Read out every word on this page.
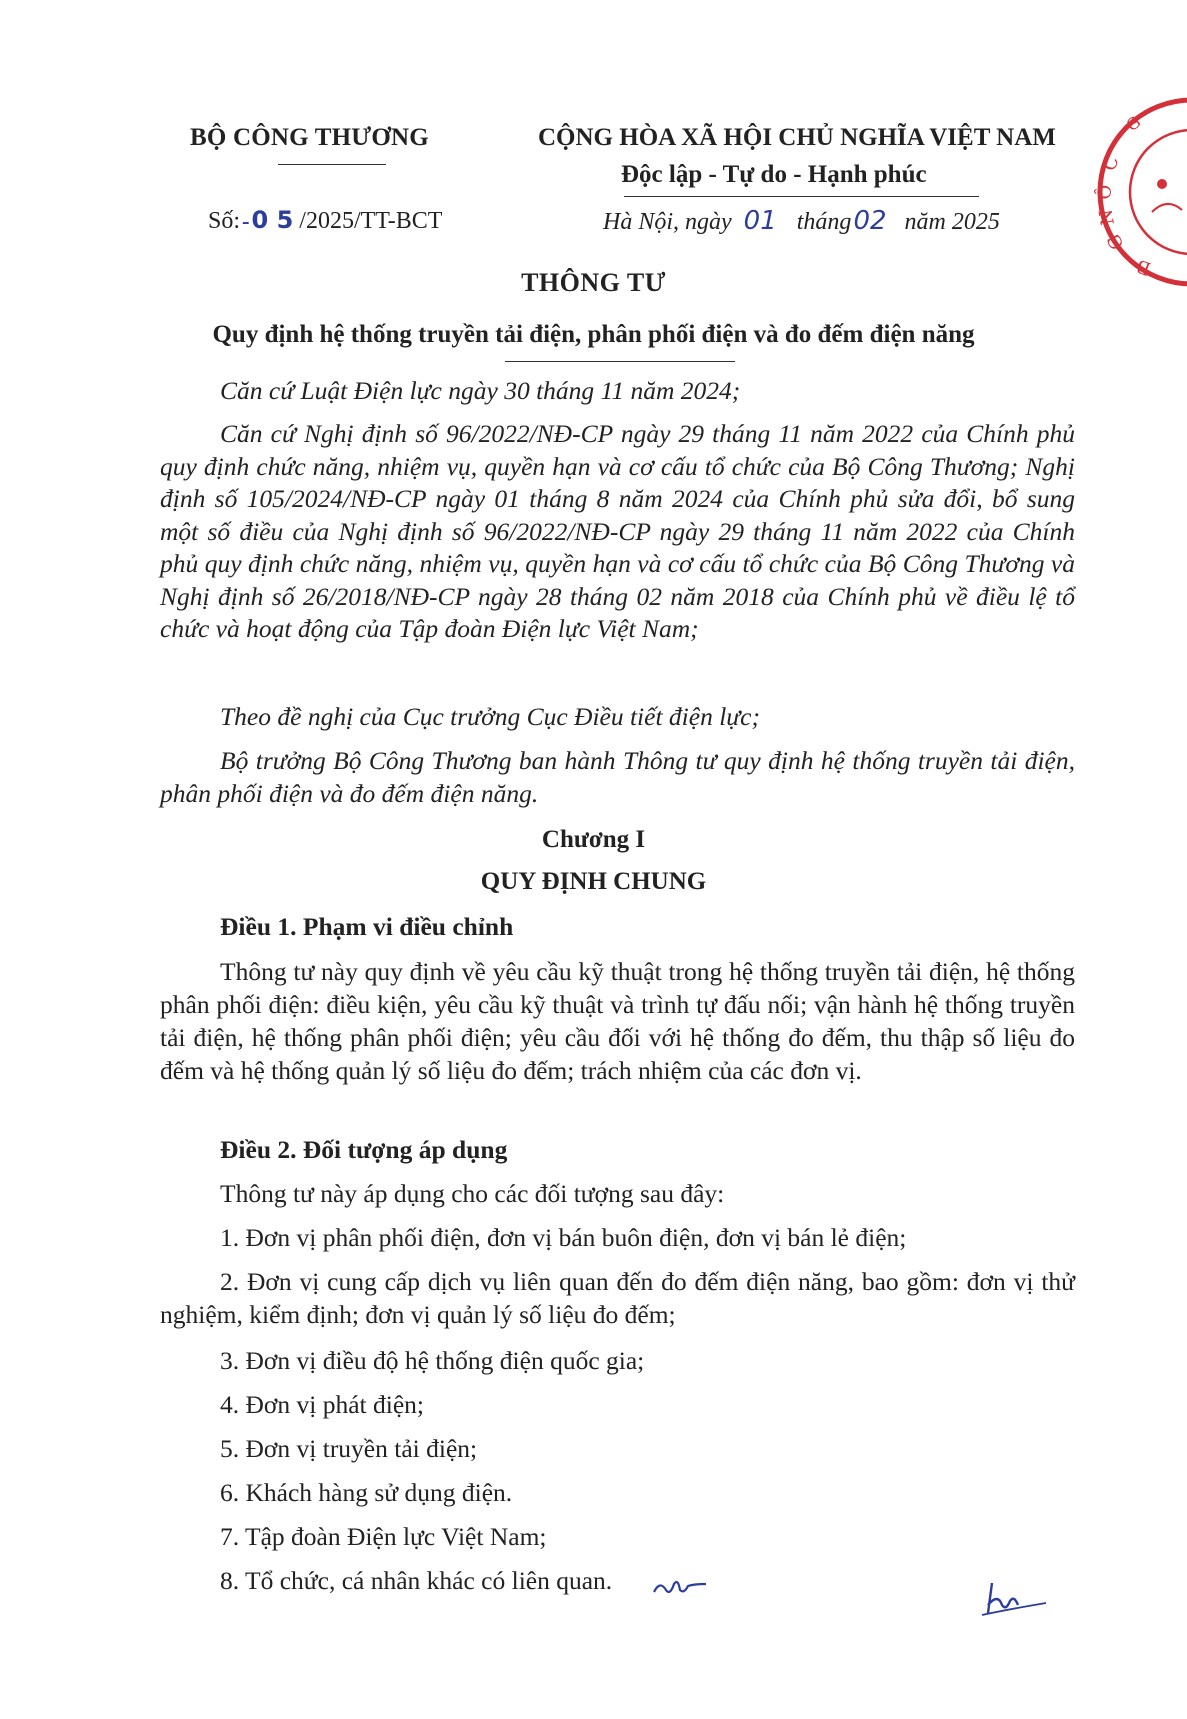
BỘ CÔNG THƯƠNG	CỘNG HÒA XÃ HỘI CHỦ NGHĨA VIỆT NAM
Độc lập - Tự do - Hạnh phúc
Số: –0 5 /2025/TT-BCT	Hà Nội, ngày 01 tháng02 năm 2025
C
Ô
N
G
B
G
THÔNG TƯ
Quy định hệ thống truyền tải điện, phân phối điện và đo đếm điện năng
Căn cứ Luật Điện lực ngày 30 tháng 11 năm 2024;
Căn cứ Nghị định số 96/2022/NĐ-CP ngày 29 tháng 11 năm 2022 của Chính phủ quy định chức năng, nhiệm vụ, quyền hạn và cơ cấu tổ chức của Bộ Công Thương; Nghị định số 105/2024/NĐ-CP ngày 01 tháng 8 năm 2024 của Chính phủ sửa đổi, bổ sung một số điều của Nghị định số 96/2022/NĐ-CP ngày 29 tháng 11 năm 2022 của Chính phủ quy định chức năng, nhiệm vụ, quyền hạn và cơ cấu tổ chức của Bộ Công Thương và Nghị định số 26/2018/NĐ-CP ngày 28 tháng 02 năm 2018 của Chính phủ về điều lệ tổ chức và hoạt động của Tập đoàn Điện lực Việt Nam;
Theo đề nghị của Cục trưởng Cục Điều tiết điện lực;
Bộ trưởng Bộ Công Thương ban hành Thông tư quy định hệ thống truyền tải điện, phân phối điện và đo đếm điện năng.
Chương I
QUY ĐỊNH CHUNG
Điều 1. Phạm vi điều chỉnh
Thông tư này quy định về yêu cầu kỹ thuật trong hệ thống truyền tải điện, hệ thống phân phối điện: điều kiện, yêu cầu kỹ thuật và trình tự đấu nối; vận hành hệ thống truyền tải điện, hệ thống phân phối điện; yêu cầu đối với hệ thống đo đếm, thu thập số liệu đo đếm và hệ thống quản lý số liệu đo đếm; trách nhiệm của các đơn vị.
Điều 2. Đối tượng áp dụng
Thông tư này áp dụng cho các đối tượng sau đây:
1. Đơn vị phân phối điện, đơn vị bán buôn điện, đơn vị bán lẻ điện;
2. Đơn vị cung cấp dịch vụ liên quan đến đo đếm điện năng, bao gồm: đơn vị thử nghiệm, kiểm định; đơn vị quản lý số liệu đo đếm;
3. Đơn vị điều độ hệ thống điện quốc gia;
4. Đơn vị phát điện;
5. Đơn vị truyền tải điện;
6. Khách hàng sử dụng điện.
7. Tập đoàn Điện lực Việt Nam;
8. Tổ chức, cá nhân khác có liên quan.
